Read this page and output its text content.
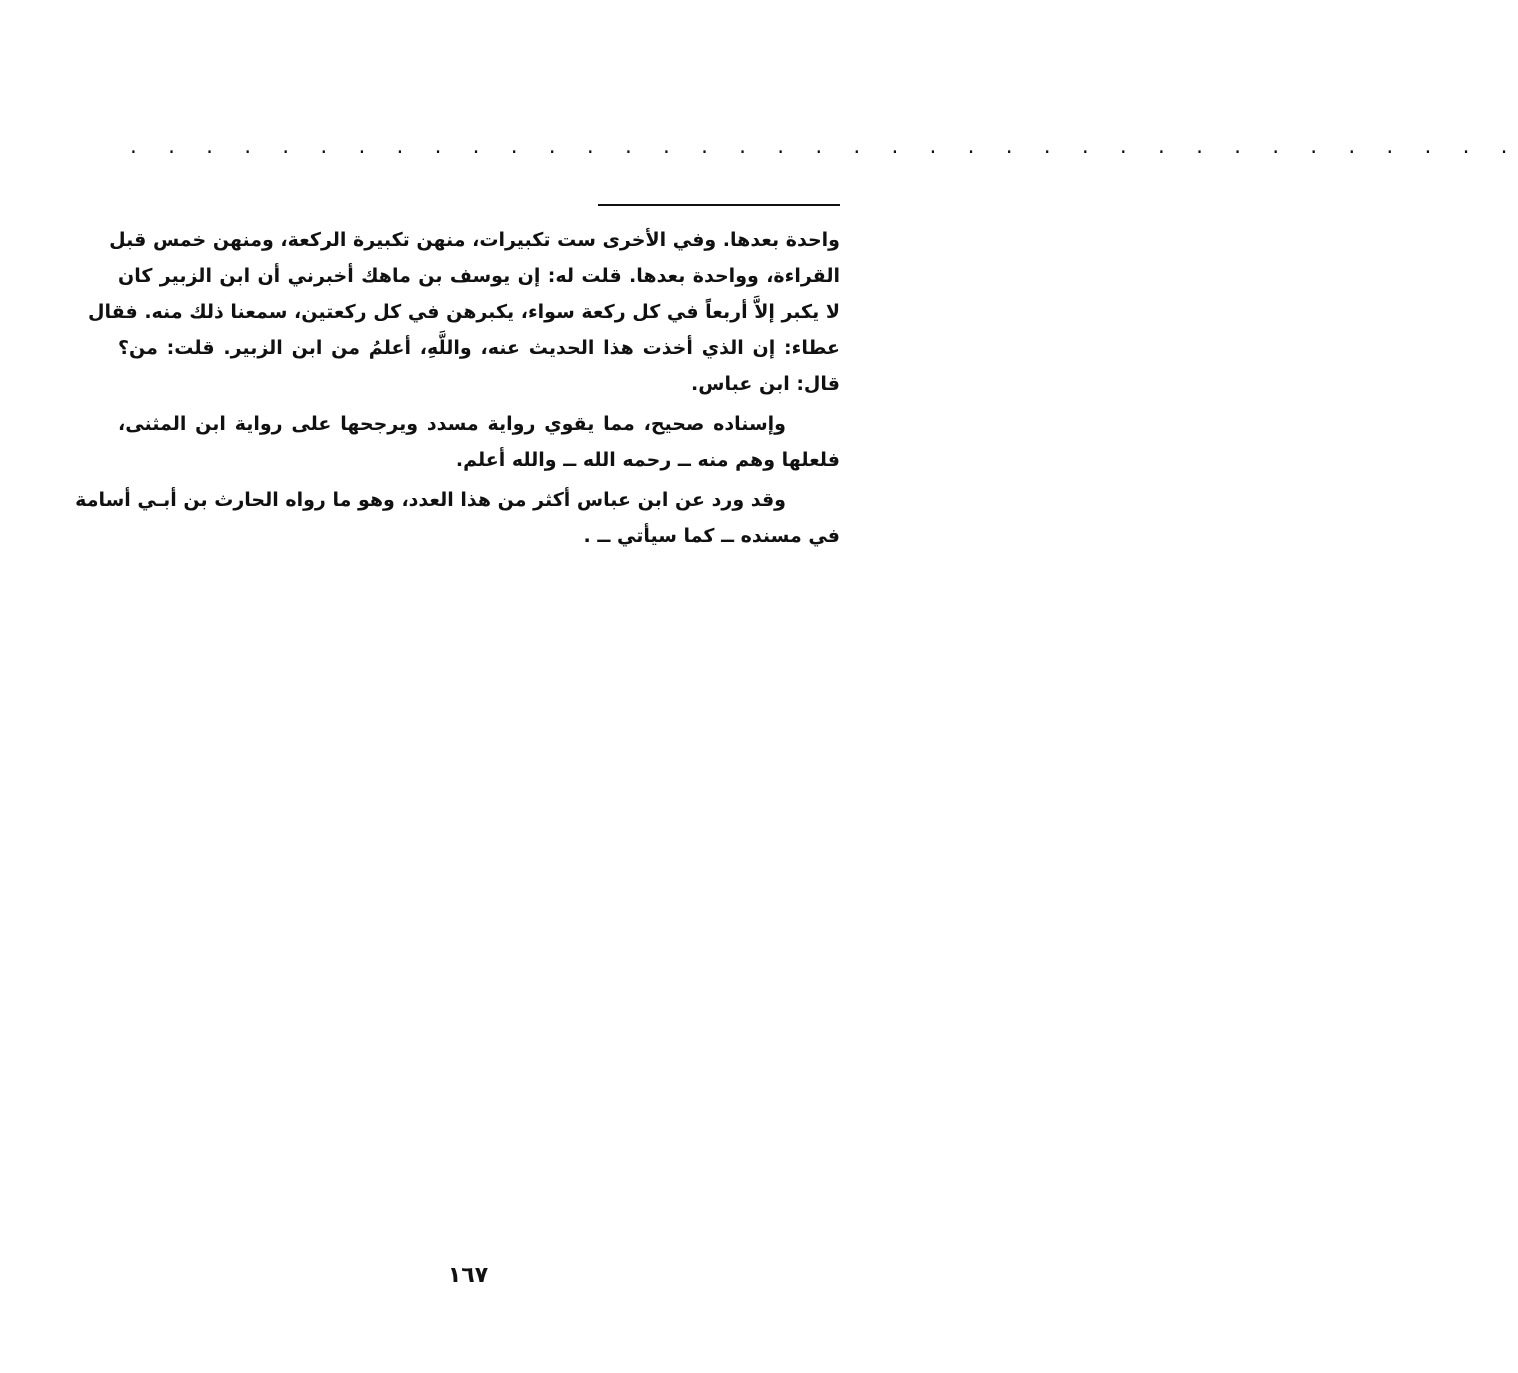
. . . . . . . . . . . . . . . . . . . . . . . . . . . . . . . . . . . . .
واحدة بعدها. وفي الأخرى ست تكبيرات، منهن تكبيرة الركعة، ومنهن خمس قبل
القراءة، وواحدة بعدها. قلت له: إن يوسف بن ماهك أخبرني أن ابن الزبير كان
لا يكبر إلاَّ أربعاً في كل ركعة سواء، يكبرهن في كل ركعتين، سمعنا ذلك منه. فقال
عطاء: إن الذي أخذت هذا الحديث عنه، واللَّهِ، أعلمُ من ابن الزبير. قلت: من؟
قال: ابن عباس.
وإسناده صحيح، مما يقوي رواية مسدد ويرجحها على رواية ابن المثنى،
فلعلها وهم منه ــ رحمه الله ــ والله أعلم.
وقد ورد عن ابن عباس أكثر من هذا العدد، وهو ما رواه الحارث بن أبـي أسامة
في مسنده ــ كما سيأتي ــ .
١٦٧
